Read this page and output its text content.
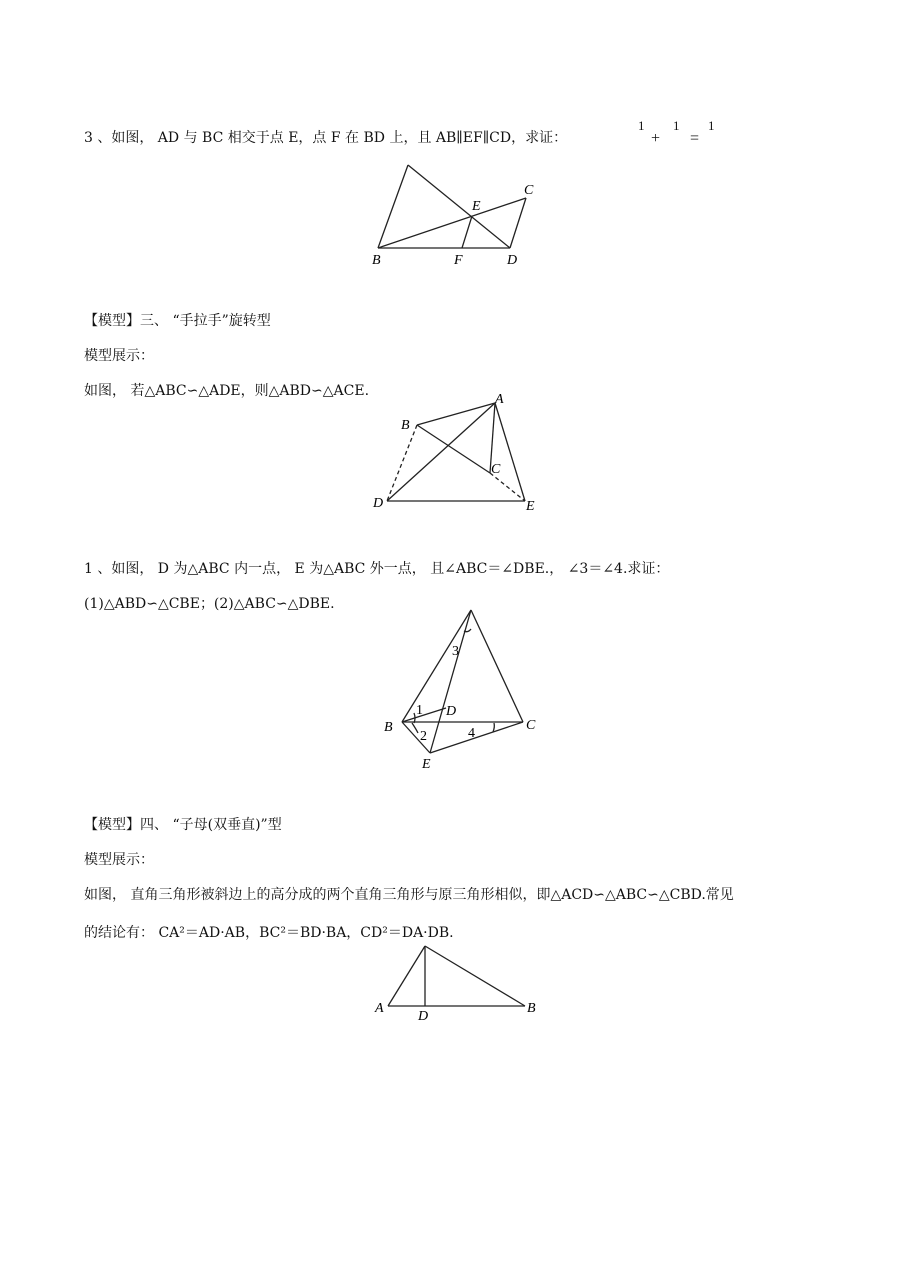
3 、如图， AD 与 BC 相交于点 E，点 F 在 BD 上，且 AB∥EF∥CD，求证：
1
+
1
=
1
B	F	D
E
C
【模型】三、 “手拉手”旋转型
模型展示：
如图， 若△ABC∽△ADE，则△ABD∽△ACE.
B
A
C
D	E
1 、如图， D 为△ABC 内一点， E 为△ABC 外一点， 且∠ABC＝∠DBE.， ∠3＝∠4.求证：
(1)△ABD∽△CBE；(2)△ABC∽△DBE.
B	C
D
E
1
2
3
4
【模型】四、 “子母(双垂直)”型
模型展示：
如图， 直角三角形被斜边上的高分成的两个直角三角形与原三角形相似，即△ACD∽△ABC∽△CBD.常见
的结论有： CA²＝AD·AB，BC²＝BD·BA，CD²＝DA·DB.
A
D
B
